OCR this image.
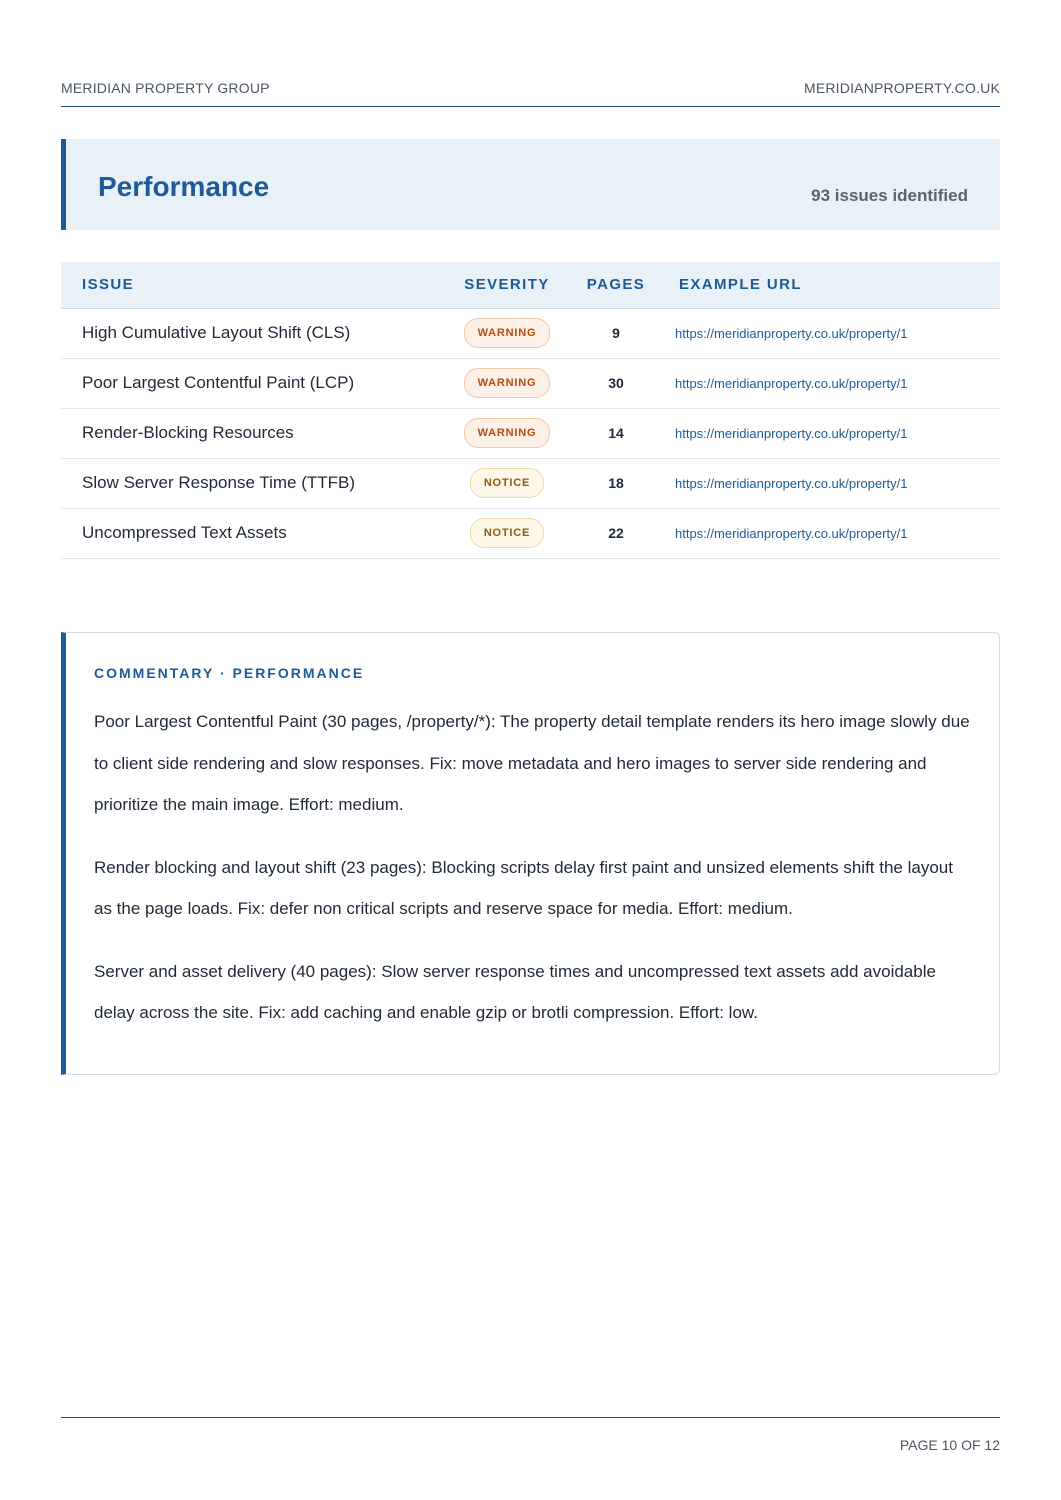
MERIDIAN PROPERTY GROUP	MERIDIANPROPERTY.CO.UK
Performance	93 issues identified
ISSUE	SEVERITY	PAGES	EXAMPLE URL
High Cumulative Layout Shift (CLS)	WARNING	9	https://meridianproperty.co.uk/property/1
Poor Largest Contentful Paint (LCP)	WARNING	30	https://meridianproperty.co.uk/property/1
Render-Blocking Resources	WARNING	14	https://meridianproperty.co.uk/property/1
Slow Server Response Time (TTFB)	NOTICE	18	https://meridianproperty.co.uk/property/1
Uncompressed Text Assets	NOTICE	22	https://meridianproperty.co.uk/property/1
COMMENTARY · PERFORMANCE

Poor Largest Contentful Paint (30 pages, /property/*): The property detail template renders its hero image slowly due to client side rendering and slow responses. Fix: move metadata and hero images to server side rendering and prioritize the main image. Effort: medium.

Render blocking and layout shift (23 pages): Blocking scripts delay first paint and unsized elements shift the layout as the page loads. Fix: defer non critical scripts and reserve space for media. Effort: medium.

Server and asset delivery (40 pages): Slow server response times and uncompressed text assets add avoidable delay across the site. Fix: add caching and enable gzip or brotli compression. Effort: low.

PAGE 10 OF 12
